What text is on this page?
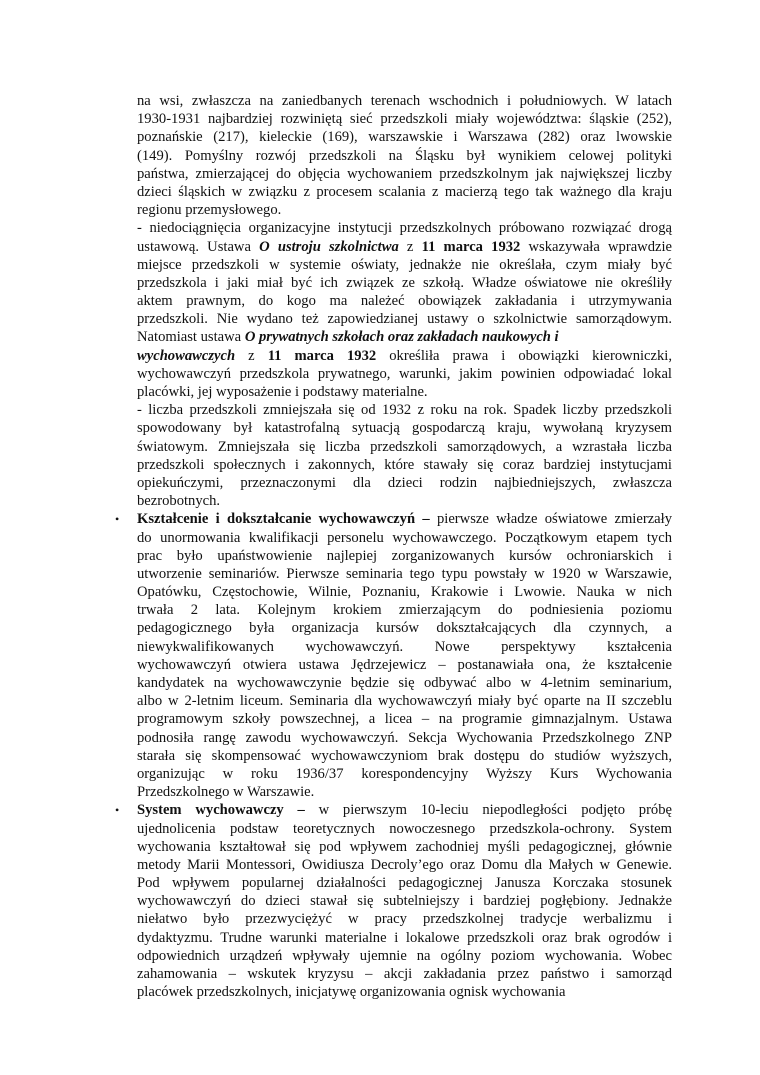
na wsi, zwłaszcza na zaniedbanych terenach wschodnich i południowych. W latach
1930-1931 najbardziej rozwiniętą sieć przedszkoli miały województwa: śląskie (252),
poznańskie (217), kieleckie (169), warszawskie i Warszawa (282) oraz lwowskie
(149). Pomyślny rozwój przedszkoli na Śląsku był wynikiem celowej polityki
państwa, zmierzającej do objęcia wychowaniem przedszkolnym jak największej liczby
dzieci śląskich w związku z procesem scalania z macierzą tego tak ważnego dla kraju
regionu przemysłowego.
- niedociągnięcia organizacyjne instytucji przedszkolnych próbowano rozwiązać drogą
ustawową. Ustawa O ustroju szkolnictwa z 11 marca 1932 wskazywała wprawdzie
miejsce przedszkoli w systemie oświaty, jednakże nie określała, czym miały być
przedszkola i jaki miał być ich związek ze szkołą. Władze oświatowe nie określiły
aktem prawnym, do kogo ma należeć obowiązek zakładania i utrzymywania
przedszkoli. Nie wydano też zapowiedzianej ustawy o szkolnictwie samorządowym.
Natomiast ustawa O prywatnych szkołach oraz zakładach naukowych i
wychowawczych z 11 marca 1932 określiła prawa i obowiązki kierowniczki,
wychowawczyń przedszkola prywatnego, warunki, jakim powinien odpowiadać lokal
placówki, jej wyposażenie i podstawy materialne.
- liczba przedszkoli zmniejszała się od 1932 z roku na rok. Spadek liczby przedszkoli
spowodowany był katastrofalną sytuacją gospodarczą kraju, wywołaną kryzysem
światowym. Zmniejszała się liczba przedszkoli samorządowych, a wzrastała liczba
przedszkoli społecznych i zakonnych, które stawały się coraz bardziej instytucjami
opiekuńczymi, przeznaczonymi dla dzieci rodzin najbiedniejszych, zwłaszcza
bezrobotnych.
• Kształcenie i dokształcanie wychowawczyń – pierwsze władze oświatowe zmierzały
do unormowania kwalifikacji personelu wychowawczego. Początkowym etapem tych
prac było upaństwowienie najlepiej zorganizowanych kursów ochroniarskich i
utworzenie seminariów. Pierwsze seminaria tego typu powstały w 1920 w Warszawie,
Opatówku, Częstochowie, Wilnie, Poznaniu, Krakowie i Lwowie. Nauka w nich
trwała 2 lata. Kolejnym krokiem zmierzającym do podniesienia poziomu
pedagogicznego była organizacja kursów dokształcających dla czynnych, a
niewykwalifikowanych wychowawczyń. Nowe perspektywy kształcenia
wychowawczyń otwiera ustawa Jędrzejewicz – postanawiała ona, że kształcenie
kandydatek na wychowawczynie będzie się odbywać albo w 4-letnim seminarium,
albo w 2-letnim liceum. Seminaria dla wychowawczyń miały być oparte na II szczeblu
programowym szkoły powszechnej, a licea – na programie gimnazjalnym. Ustawa
podnosiła rangę zawodu wychowawczyń. Sekcja Wychowania Przedszkolnego ZNP
starała się skompensować wychowawczyniom brak dostępu do studiów wyższych,
organizując w roku 1936/37 korespondencyjny Wyższy Kurs Wychowania
Przedszkolnego w Warszawie.
• System wychowawczy – w pierwszym 10-leciu niepodległości podjęto próbę
ujednolicenia podstaw teoretycznych nowoczesnego przedszkola-ochrony. System
wychowania kształtował się pod wpływem zachodniej myśli pedagogicznej, głównie
metody Marii Montessori, Owidiusza Decroly’ego oraz Domu dla Małych w Genewie.
Pod wpływem popularnej działalności pedagogicznej Janusza Korczaka stosunek
wychowawczyń do dzieci stawał się subtelniejszy i bardziej pogłębiony. Jednakże
niełatwo było przezwyciężyć w pracy przedszkolnej tradycje werbalizmu i
dydaktyzmu. Trudne warunki materialne i lokalowe przedszkoli oraz brak ogrodów i
odpowiednich urządzeń wpływały ujemnie na ogólny poziom wychowania. Wobec
zahamowania – wskutek kryzysu – akcji zakładania przez państwo i samorząd
placówek przedszkolnych, inicjatywę organizowania ognisk wychowania
